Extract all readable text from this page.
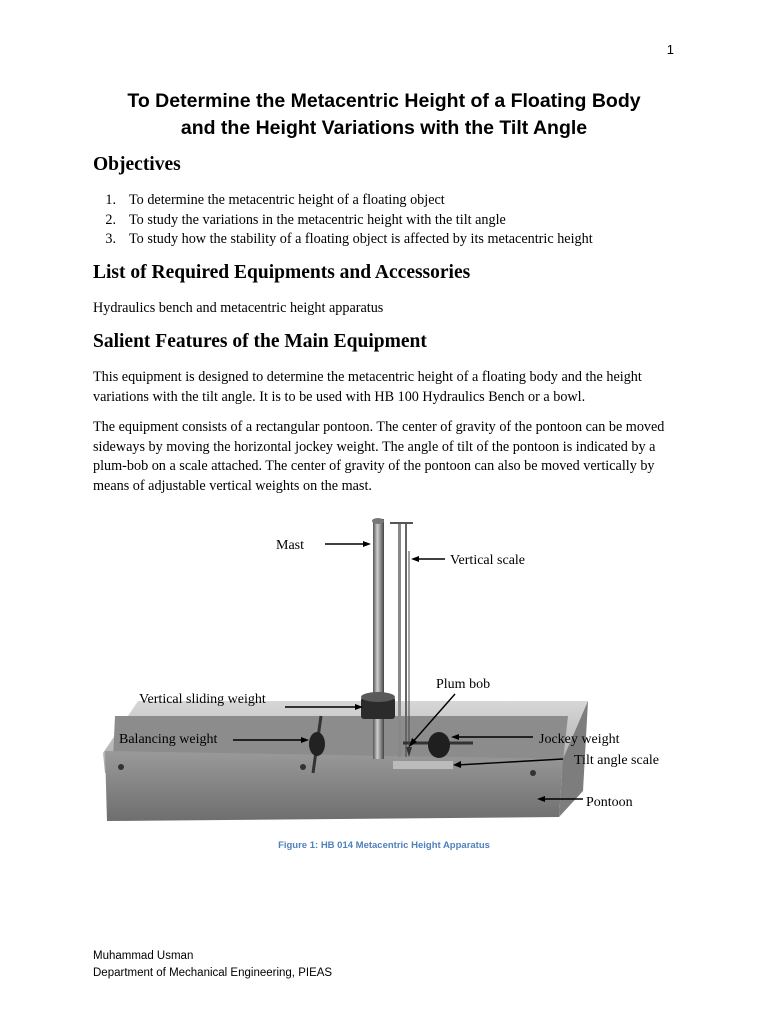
1
To Determine the Metacentric Height of a Floating Body
and the Height Variations with the Tilt Angle
Objectives
1. To determine the metacentric height of a floating object
2. To study the variations in the metacentric height with the tilt angle
3. To study how the stability of a floating object is affected by its metacentric height
List of Required Equipments and Accessories
Hydraulics bench and metacentric height apparatus
Salient Features of the Main Equipment
This equipment is designed to determine the metacentric height of a floating body and the height variations with the tilt angle. It is to be used with HB 100 Hydraulics Bench or a bowl.
The equipment consists of a rectangular pontoon. The center of gravity of the pontoon can be moved sideways by moving the horizontal jockey weight. The angle of tilt of the pontoon is indicated by a plum-bob on a scale attached. The center of gravity of the pontoon can also be moved vertically by means of adjustable vertical weights on the mast.
Mast
Vertical scale
Plum bob
Vertical sliding weight
Balancing weight	Jockey weight
Tilt angle scale
Pontoon
Figure 1: HB 014 Metacentric Height Apparatus
Muhammad Usman
Department of Mechanical Engineering, PIEAS
